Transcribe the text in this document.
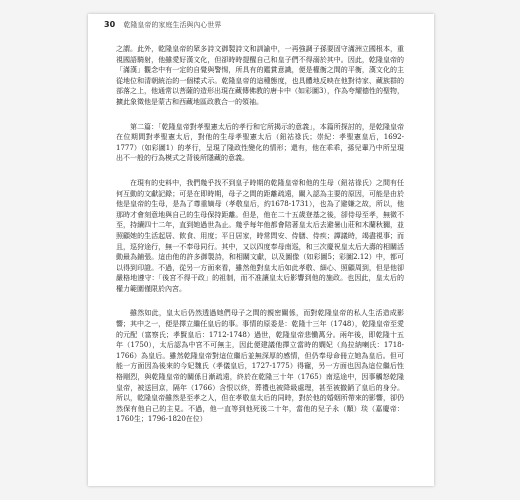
30 乾隆皇帝的家庭生活與內心世界

之謂。此外，乾隆皇帝的眾多詩文御製詩文和訓諭中，一再強調子孫要固守滿洲立國根本，重視國語騎射，他雖愛好漢文化，但卻時時提醒自己和皇子們不得溺於其中。因此，乾隆皇帝的「滿漢」觀念中有一定的自覺與警惕，所具有的鑑賞意識，便是權衡之間的平衡，漢文化的主從地位和清朝統治的一個樣式示。乾隆皇帝的這種態度，也具體地反映在他對待家、藏族群的部落之上，他通常以菩薩的造形出現在藏傳佛教的唐卡中（如彩圖3），作為夸耀德性的聖物，擴此象徵他是蒙古和西藏地區政教合一的領袖。

第二篇：「乾隆皇帝對孝聖憲太后的孝行和它所揭示的意義」，本篇所探討的，是乾隆皇帝在位期間對孝聖憲太后，對他的生母孝聖憲太后（鈕祜祿氏；崇紀：孝聖憲皇后，1692-1777）（如彩圖1）的孝行，呈現了隆政性變化的情形；還有，他在乖乖，孫兒輩乃中所呈現出不一般的行為模式之背後所隱藏的意義。

在現有的史料中，我們幾乎找不到皇子時期的乾隆皇帝和他的生母（鈕祜祿氏）之間有任何互動的文獻記錄；可是在即時期，母子之間的距離疏遠，關入認為主要的原因，可能是由於他是皇帝的生母，是為了尊重嫡母（孝敬皇后，約1678-1731），也為了避嫌之故，所以，他那時才會刻意地與自己的生母保持距離。但是，他在二十五歲登基之後，卻侍母至孝，無微不至，持續四十二年，直到她過世為止。幾乎每年他都會陪著皇太后去避暑山莊和木蘭秋獮，並照顧她的生活起居、飲食、用度；平日居家，時常問安、侍膳、侍疾；譚議時，竭盡視事；而且，巡狩途行，無一不奉母同行。其中，又以四度奉母南巡，和三次慶祝皇太后大壽的相關活動最為鋪張。這由他的許多御製詩，和相關文獻，以及圖像（如彩圖5；彩圖2.12）中，都可以得到印證。不過，從另一方面來看，雖然他對皇太后如此孝敬、細心、照顧周到，但是他卻嚴格地遵守：「後宮不得干政」的祖制，而不准讓皇太后影響到他的施政。也因此，皇太后的權力範圍僅限於內宮。

雖然如此，皇太后仍然透過她們母子之間的親密關係，而對乾隆皇帝的私人生活造成影響；其中之一，便是擇立繼任皇后的事。事情的原委是：乾隆十三年（1748），乾隆皇帝至愛的元配（富察氏；孝賢皇后：1712-1748）過世，乾隆皇帝悲慟萬分。兩年後，即乾隆十五年（1750），太后認為中宮不可無主，因此便建議他擇立當時的嫻妃（烏拉納喇氏：1718-1766）為皇后。雖然乾隆皇帝對這位繼后並無深厚的感情，但仍奉母命冊立她為皇后。但可能一方面因為後來的今妃魏氏（孝儀皇后，1727-1775）得寵，另一方面也因為這位繼后性格剛烈，與乾隆皇帝的關係日漸疏遠，終於在乾隆三十年（1765）南巡途中，因事觸怒乾隆皇帝，被送回京，隔年（1766）含恨以終，葬禮也被降級處理，甚至被撤銷了皇后的身分。所以，乾隆皇帝雖然是至孝之人，但在孝敬皇太后的同時，對於他的婚姻所帶來的影響，卻仍然保有他自己的主見。不過，他一直等到他死後二十年，當他的兒子永（顒）琰（嘉慶帝：1760生；1796-1820在位）
